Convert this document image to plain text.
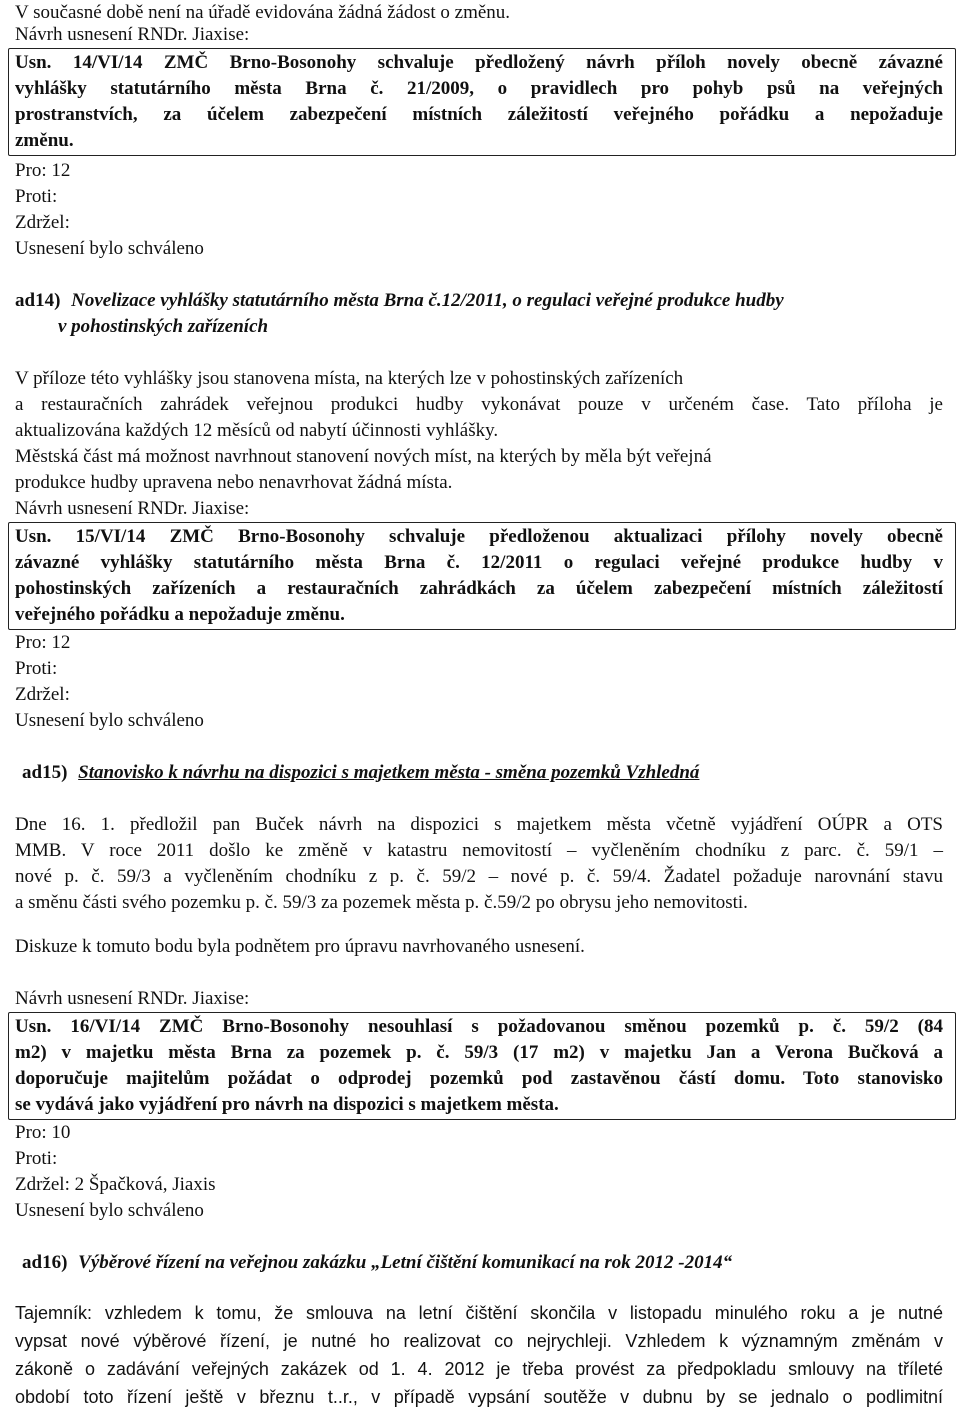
V současné době není na úřadě evidována žádná žádost o změnu.
Návrh usnesení RNDr. Jiaxise:
Usn. 14/VI/14 ZMČ Brno-Bosonohy schvaluje předložený návrh příloh novely obecně závazné
vyhlášky statutárního města Brna č. 21/2009, o pravidlech pro pohyb psů na veřejných
prostranstvích, za účelem zabezpečení místních záležitostí veřejného pořádku a nepožaduje
změnu.
Pro: 12
Proti:
Zdržel:
Usnesení bylo schváleno
ad14) Novelizace vyhlášky statutárního města Brna č.12/2011, o regulaci veřejné produkce hudby
v pohostinských zařízeních
V příloze této vyhlášky jsou stanovena místa, na kterých lze v pohostinských zařízeních
a restauračních zahrádek veřejnou produkci hudby vykonávat pouze v určeném čase. Tato příloha je
aktualizována každých 12 měsíců od nabytí účinnosti vyhlášky.
Městská část má možnost navrhnout stanovení nových míst, na kterých by měla být veřejná
produkce hudby upravena nebo nenavrhovat žádná místa.
Návrh usnesení RNDr. Jiaxise:
Usn. 15/VI/14 ZMČ Brno-Bosonohy schvaluje předloženou aktualizaci přílohy novely obecně
závazné vyhlášky statutárního města Brna č. 12/2011 o regulaci veřejné produkce hudby v
pohostinských zařízeních a restauračních zahrádkách za účelem zabezpečení místních záležitostí
veřejného pořádku a nepožaduje změnu.
Pro: 12
Proti:
Zdržel:
Usnesení bylo schváleno
ad15) Stanovisko k návrhu na dispozici s majetkem města - směna pozemků Vzhledná
Dne 16. 1. předložil pan Buček návrh na dispozici s majetkem města včetně vyjádření OÚPR a OTS
MMB. V roce 2011 došlo ke změně v katastru nemovitostí – vyčleněním chodníku z parc. č. 59/1 –
nové p. č. 59/3 a vyčleněním chodníku z p. č. 59/2 – nové p. č. 59/4. Žadatel požaduje narovnání stavu
a směnu části svého pozemku p. č. 59/3 za pozemek města p. č.59/2 po obrysu jeho nemovitosti.
Diskuze k tomuto bodu byla podnětem pro úpravu navrhovaného usnesení.
Návrh usnesení RNDr. Jiaxise:
Usn. 16/VI/14 ZMČ Brno-Bosonohy nesouhlasí s požadovanou směnou pozemků p. č. 59/2 (84
m2) v majetku města Brna za pozemek p. č. 59/3 (17 m2) v majetku Jan a Verona Bučková a
doporučuje majitelům požádat o odprodej pozemků pod zastavěnou částí domu. Toto stanovisko
se vydává jako vyjádření pro návrh na dispozici s majetkem města.
Pro: 10
Proti:
Zdržel: 2 Špačková, Jiaxis
Usnesení bylo schváleno
ad16) Výběrové řízení na veřejnou zakázku „Letní čištění komunikací na rok 2012 -2014“
Tajemník: vzhledem k tomu, že smlouva na letní čištění skončila v listopadu minulého roku a je nutné
vypsat nové výběrové řízení, je nutné ho realizovat co nejrychleji. Vzhledem k významným změnám v
zákoně o zadávání veřejných zakázek od 1. 4. 2012 je třeba provést za předpokladu smlouvy na tříleté
období toto řízení ještě v březnu t..r., v případě vypsání soutěže v dubnu by se jednalo o podlimitní
